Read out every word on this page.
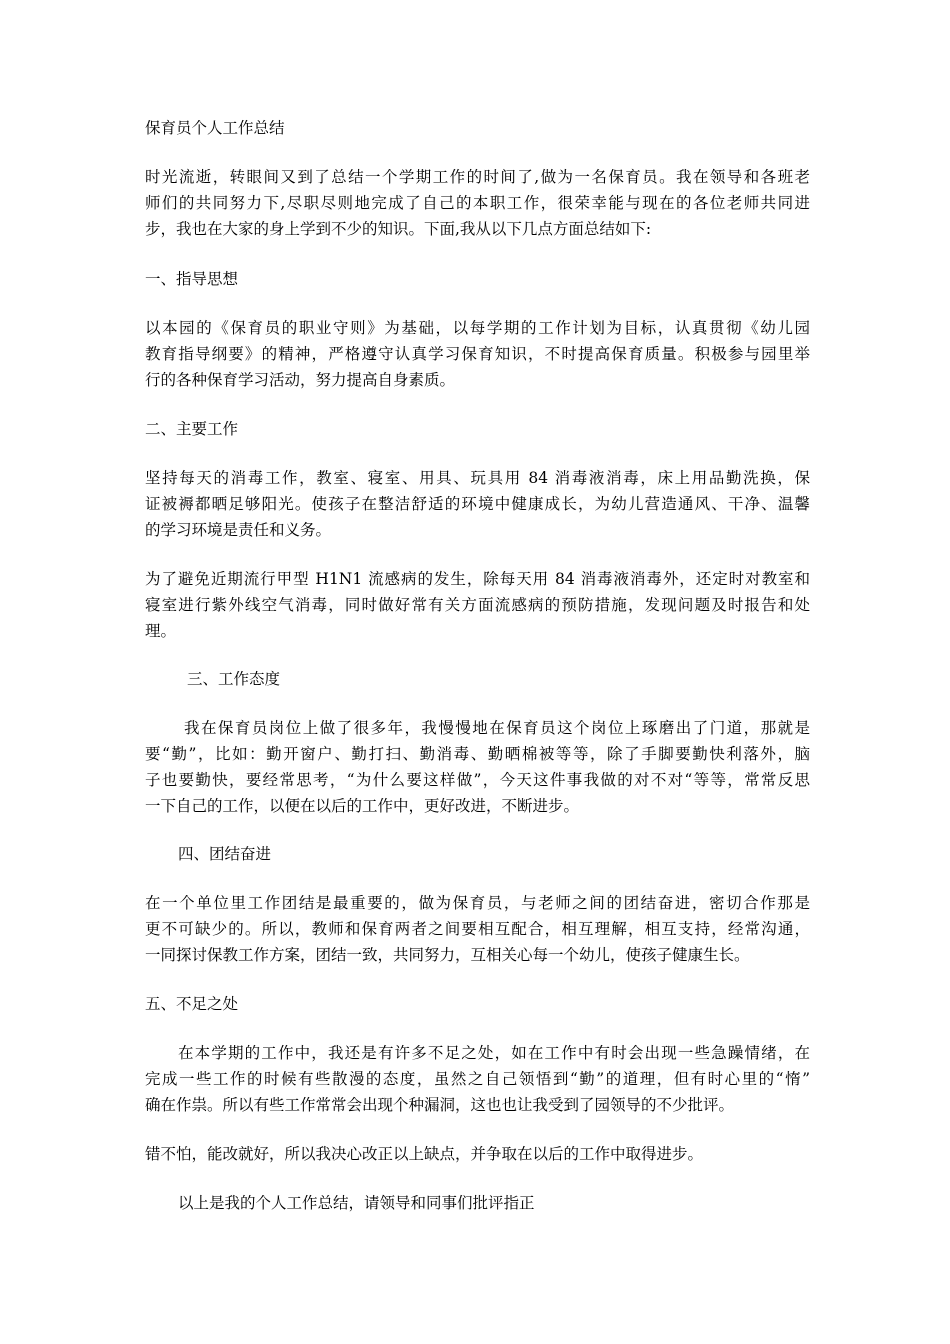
保育员个人工作总结

时光流逝，转眼间又到了总结一个学期工作的时间了,做为一名保育员。我在领导和各班老

师们的共同努力下,尽职尽则地完成了自己的本职工作，很荣幸能与现在的各位老师共同进

步，我也在大家的身上学到不少的知识。下面,我从以下几点方面总结如下:

一、指导思想

以本园的《保育员的职业守则》为基础，以每学期的工作计划为目标，认真贯彻《幼儿园

教育指导纲要》的精神，严格遵守认真学习保育知识，不时提高保育质量。积极参与园里举

行的各种保育学习活动，努力提高自身素质。

二、主要工作

坚持每天的消毒工作，教室、寝室、用具、玩具用 84 消毒液消毒，床上用品勤洗换，保

证被褥都晒足够阳光。使孩子在整洁舒适的环境中健康成长，为幼儿营造通风、干净、温馨

的学习环境是责任和义务。

为了避免近期流行甲型 H1N1 流感病的发生，除每天用 84 消毒液消毒外，还定时对教室和

寝室进行紫外线空气消毒，同时做好常有关方面流感病的预防措施，发现问题及时报告和处

理。

三、工作态度

我在保育员岗位上做了很多年，我慢慢地在保育员这个岗位上琢磨出了门道，那就是

要“勤”，比如：勤开窗户、勤打扫、勤消毒、勤晒棉被等等，除了手脚要勤快利落外，脑

子也要勤快，要经常思考，“为什么要这样做”，今天这件事我做的对不对“等等，常常反思

一下自己的工作，以便在以后的工作中，更好改进，不断进步。

四、团结奋进

在一个单位里工作团结是最重要的，做为保育员，与老师之间的团结奋进，密切合作那是

更不可缺少的。所以，教师和保育两者之间要相互配合，相互理解，相互支持，经常沟通，

一同探讨保教工作方案，团结一致，共同努力，互相关心每一个幼儿，使孩子健康生长。

五、不足之处

在本学期的工作中，我还是有许多不足之处，如在工作中有时会出现一些急躁情绪，在

完成一些工作的时候有些散漫的态度，虽然之自己领悟到“勤”的道理，但有时心里的“惰”

确在作祟。所以有些工作常常会出现个种漏洞，这也也让我受到了园领导的不少批评。

错不怕，能改就好，所以我决心改正以上缺点，并争取在以后的工作中取得进步。

以上是我的个人工作总结，请领导和同事们批评指正
